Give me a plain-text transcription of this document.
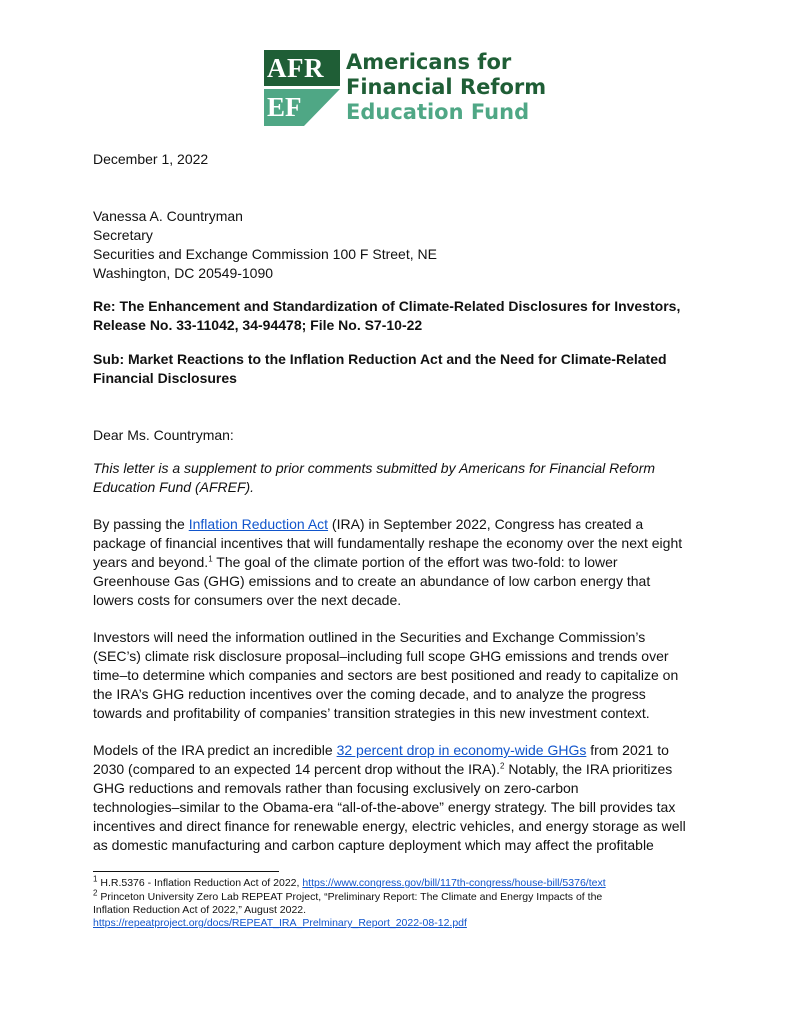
AFR
EF
Americans for
Financial Reform
Education Fund
December 1, 2022
Vanessa A. Countryman
Secretary
Securities and Exchange Commission 100 F Street, NE
Washington, DC 20549-1090
Re: The Enhancement and Standardization of Climate-Related Disclosures for Investors,
Release No. 33-11042, 34-94478; File No. S7-10-22
Sub: Market Reactions to the Inflation Reduction Act and the Need for Climate-Related
Financial Disclosures
Dear Ms. Countryman:
This letter is a supplement to prior comments submitted by Americans for Financial Reform
Education Fund (AFREF).
By passing the Inflation Reduction Act (IRA) in September 2022, Congress has created a
package of financial incentives that will fundamentally reshape the economy over the next eight
years and beyond.$^1$ The goal of the climate portion of the effort was two-fold: to lower
Greenhouse Gas (GHG) emissions and to create an abundance of low carbon energy that
lowers costs for consumers over the next decade.
Investors will need the information outlined in the Securities and Exchange Commission’s
(SEC’s) climate risk disclosure proposal–including full scope GHG emissions and trends over
time–to determine which companies and sectors are best positioned and ready to capitalize on
the IRA’s GHG reduction incentives over the coming decade, and to analyze the progress
towards and profitability of companies’ transition strategies in this new investment context.
Models of the IRA predict an incredible 32 percent drop in economy-wide GHGs from 2021 to
2030 (compared to an expected 14 percent drop without the IRA).$^2$ Notably, the IRA prioritizes
GHG reductions and removals rather than focusing exclusively on zero-carbon
technologies–similar to the Obama-era “all-of-the-above” energy strategy. The bill provides tax
incentives and direct finance for renewable energy, electric vehicles, and energy storage as well
as domestic manufacturing and carbon capture deployment which may affect the profitable
$^1$ H.R.5376 - Inflation Reduction Act of 2022, https://www.congress.gov/bill/117th-congress/house-bill/5376/text
$^2$ Princeton University Zero Lab REPEAT Project, “Preliminary Report: The Climate and Energy Impacts of the
Inflation Reduction Act of 2022,” August 2022.
https://repeatproject.org/docs/REPEAT_IRA_Prelminary_Report_2022-08-12.pdf
